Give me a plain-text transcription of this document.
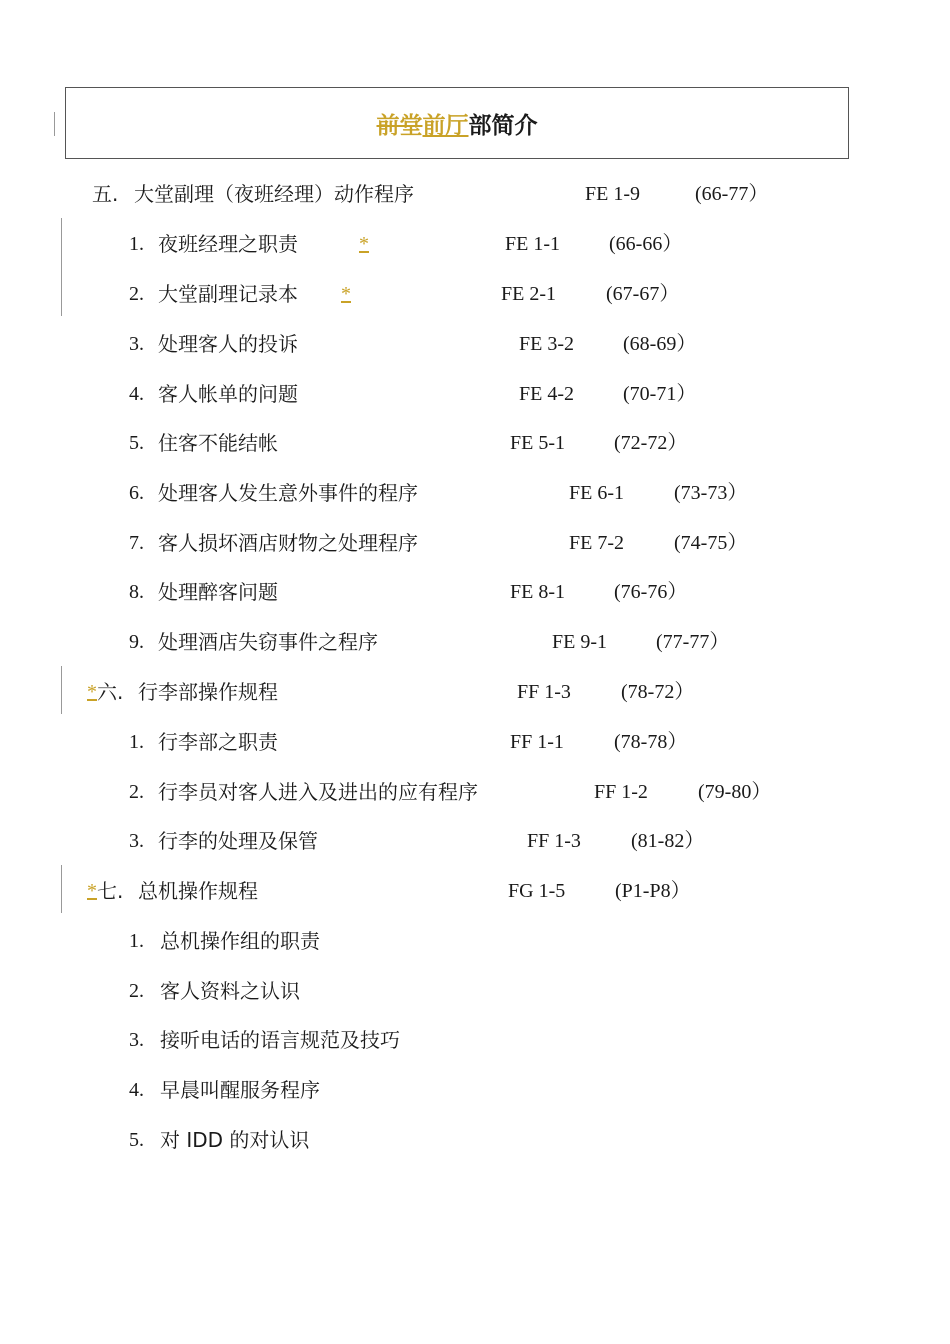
前堂 前厅 部简介
五. 大堂副理（夜班经理）动作程序	FE 1-9	(66-77）
1. 夜班经理之职责	*	FE 1-1 (66-66）
2. 大堂副理记录本 *	FE 2-1	(67-67）
3. 处理客人的投诉	FE 3-2 (68-69）
4. 客人帐单的问题	FE 4-2 (70-71）
5. 住客不能结帐	FE 5-1 (72-72）
6. 处理客人发生意外事件的程序	FE 6-1	(73-73）
7. 客人损坏酒店财物之处理程序	FE 7-2	(74-75）
8. 处理醉客问题	FE 8-1 (76-76）
9. 处理酒店失窃事件之程序	FE 9-1 (77-77）
* 六. 行李部操作规程	FF 1-3	(78-72）
1. 行李部之职责	FF 1-1	(78-78）
2. 行李员对客人进入及进出的应有程序	FF 1-2	(79-80）
3. 行李的处理及保管	FF 1-3	(81-82）
* 七. 总机操作规程	FG 1-5 (P1-P8）
1. 总机操作组的职责
2. 客人资料之认识
3. 接听电话的语言规范及技巧
4. 早晨叫醒服务程序
5. 对 IDD 的对认识
